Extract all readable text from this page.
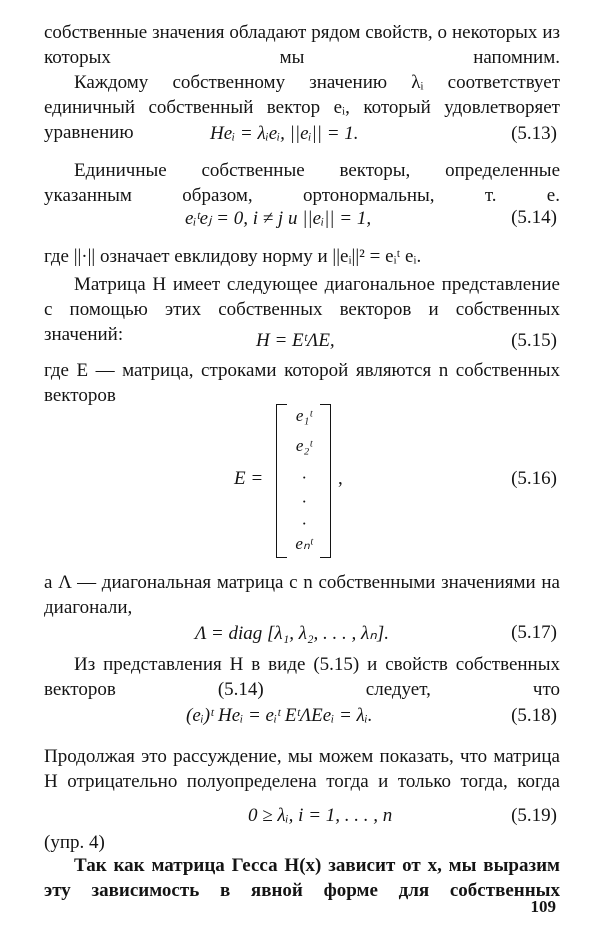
собственные значения обладают рядом свойств, о некоторых из которых мы напомним.
Каждому собственному значению λᵢ соответствует единичный собственный вектор eᵢ, который удовлетворяет уравнению	Heᵢ = λᵢeᵢ, ||eᵢ|| = 1.	(5.13)
Единичные собственные векторы, определенные указанным образом, ортонормальны, т. е.
eᵢᵗeⱼ = 0, i ≠ j и ||eᵢ|| = 1,	(5.14)
где ||·|| означает евклидову норму и ||eᵢ||² = eᵢᵗ eᵢ.
Матрица H имеет следующее диагональное представление с помощью этих собственных векторов и собственных значений:	H = EᵗΛE,	(5.15)
где E — матрица, строками которой являются n собственных векторов
E =	,	(5.16)
e₁ᵗ
e₂ᵗ
·
·
·
eₙᵗ
а Λ — диагональная матрица с n собственными значениями на диагонали,
Λ = diag [λ₁, λ₂, . . . , λₙ].	(5.17)
Из представления H в виде (5.15) и свойств собственных векторов (5.14) следует, что
(eᵢ)ᵗ Heᵢ = eᵢᵗ EᵗΛEeᵢ = λᵢ.	(5.18)
Продолжая это рассуждение, мы можем показать, что матрица H отрицательно полуопределена тогда и только тогда, когда
0 ≥ λᵢ, i = 1, . . . , n	(5.19)
(упр. 4)
Так как матрица Гесса H(x) зависит от x, мы выразим эту зависимость в явной форме для собственных
109
